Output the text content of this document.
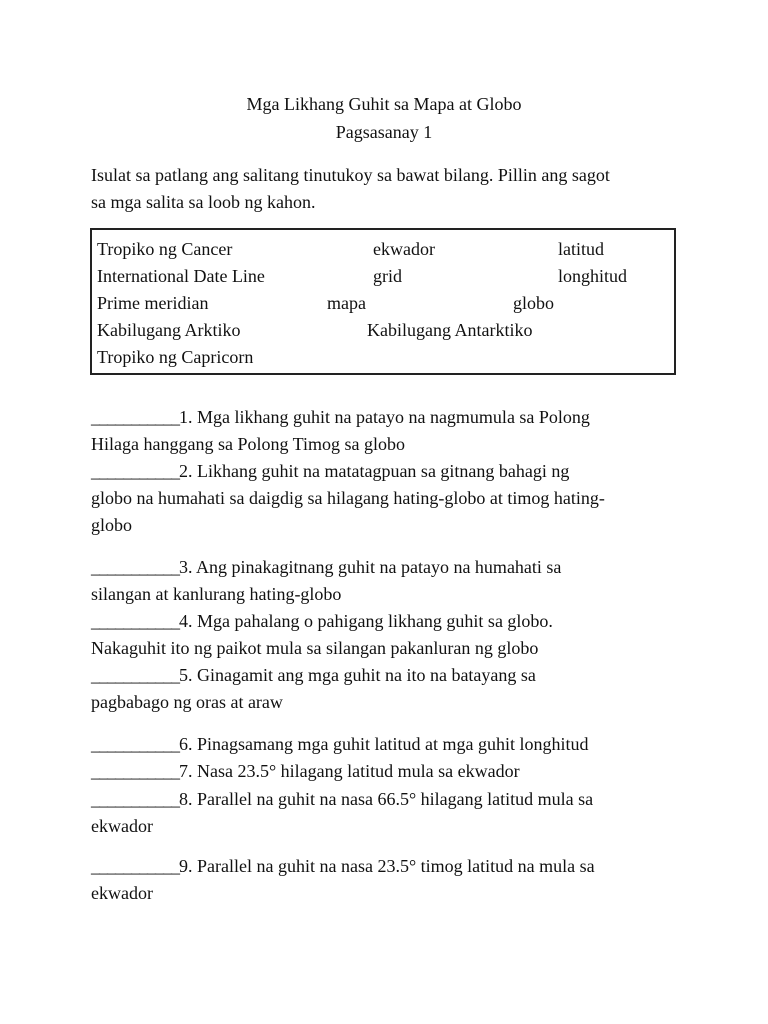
Mga Likhang Guhit sa Mapa at Globo
Pagsasanay 1
Isulat sa patlang ang salitang tinutukoy sa bawat bilang. Pillin ang sagot
sa mga salita sa loob ng kahon.
Tropiko ng Cancer	ekwador	latitud
International Date Line	grid	longhitud
Prime meridian	mapa	globo
Kabilugang Arktiko	Kabilugang Antarktiko
Tropiko ng Capricorn
___________1. Mga likhang guhit na patayo na nagmumula sa Polong
Hilaga hanggang sa Polong Timog sa globo
___________2. Likhang guhit na matatagpuan sa gitnang bahagi ng
globo na humahati sa daigdig sa hilagang hating-globo at timog hating-
globo
___________3. Ang pinakagitnang guhit na patayo na humahati sa
silangan at kanlurang hating-globo
___________4. Mga pahalang o pahigang likhang guhit sa globo.
Nakaguhit ito ng paikot mula sa silangan pakanluran ng globo
___________5. Ginagamit ang mga guhit na ito na batayang sa
pagbabago ng oras at araw
___________6. Pinagsamang mga guhit latitud at mga guhit longhitud
___________7. Nasa 23.5° hilagang latitud mula sa ekwador
___________8. Parallel na guhit na nasa 66.5° hilagang latitud mula sa
ekwador
___________9. Parallel na guhit na nasa 23.5° timog latitud na mula sa
ekwador
